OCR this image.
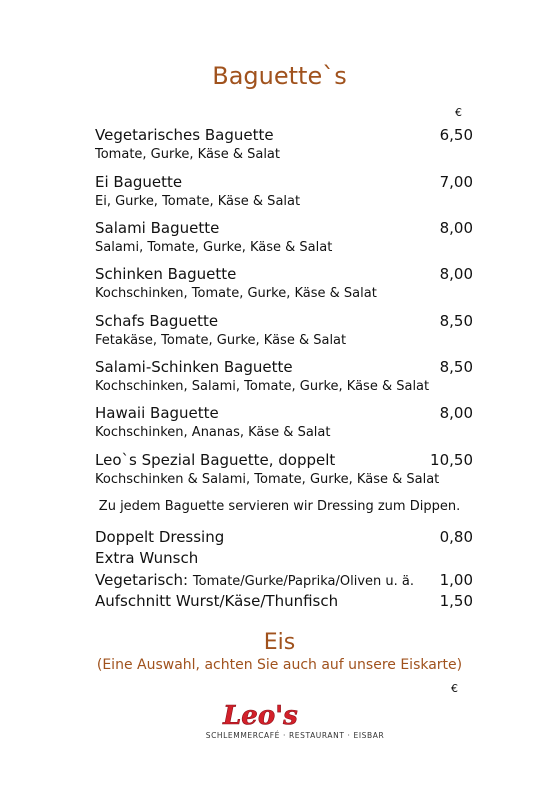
Baguette`s
€
Vegetarisches Baguette	6,50
Tomate, Gurke, Käse & Salat
Ei Baguette	7,00
Ei, Gurke, Tomate, Käse & Salat
Salami Baguette	8,00
Salami, Tomate, Gurke, Käse & Salat
Schinken Baguette	8,00
Kochschinken, Tomate, Gurke, Käse & Salat
Schafs Baguette	8,50
Fetakäse, Tomate, Gurke, Käse & Salat
Salami-Schinken Baguette	8,50
Kochschinken, Salami, Tomate, Gurke, Käse & Salat
Hawaii Baguette	8,00
Kochschinken, Ananas, Käse & Salat
Leo`s Spezial Baguette, doppelt	10,50
Kochschinken & Salami, Tomate, Gurke, Käse & Salat
Zu jedem Baguette servieren wir Dressing zum Dippen.
Doppelt Dressing	0,80
Extra Wunsch
Vegetarisch: Tomate/Gurke/Paprika/Oliven u. ä. 1,00
Aufschnitt Wurst/Käse/Thunfisch	1,50
Eis
(Eine Auswahl, achten Sie auch auf unsere Eiskarte)
€
Leo's
SCHLEMMERCAFÉ · RESTAURANT · EISBAR
